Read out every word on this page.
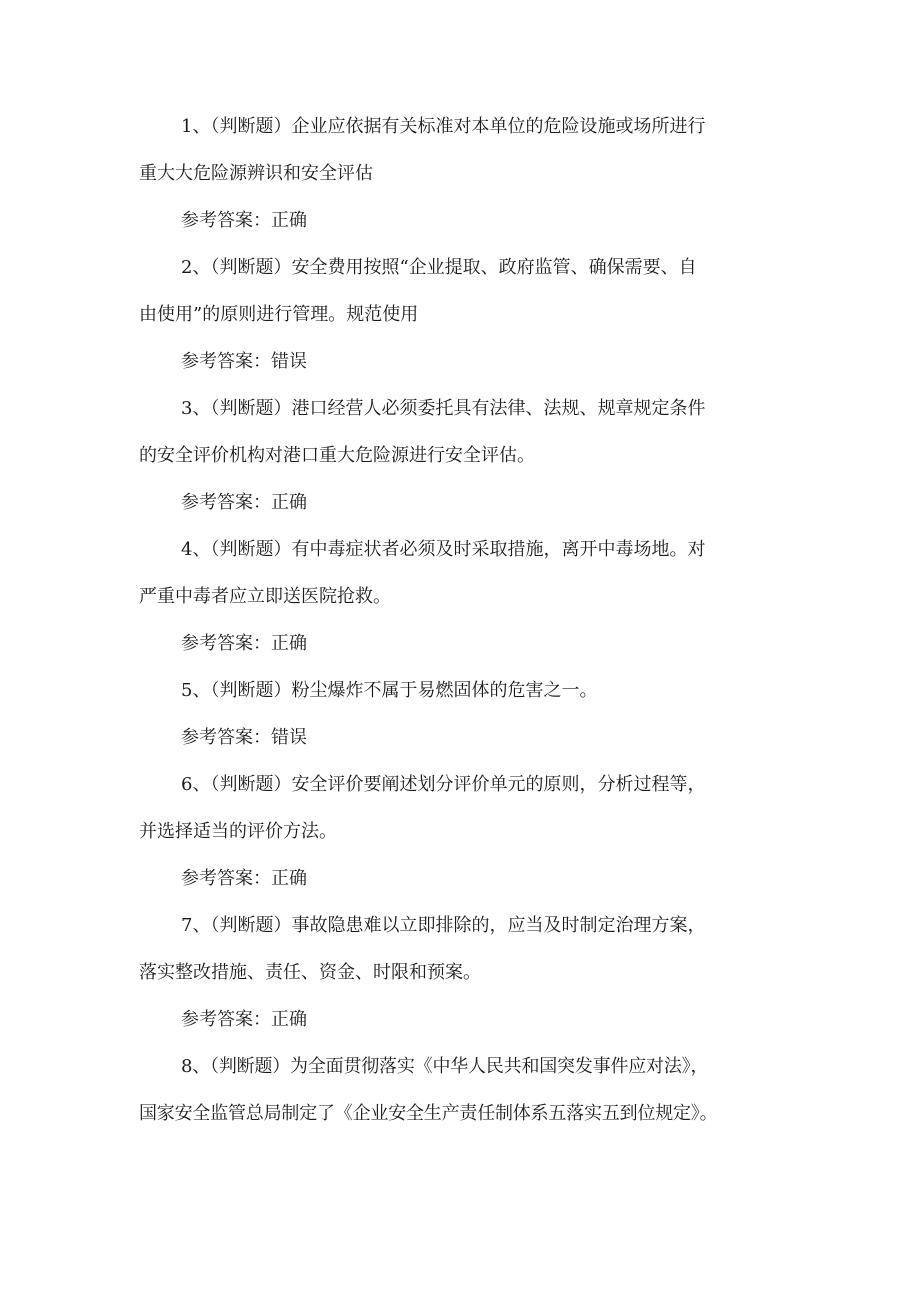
1、（判断题）企业应依据有关标准对本单位的危险设施或场所进行
重大大危险源辨识和安全评估
参考答案：正确
2、（判断题）安全费用按照“企业提取、政府监管、确保需要、自
由使用”的原则进行管理。规范使用
参考答案：错误
3、（判断题）港口经营人必须委托具有法律、法规、规章规定条件
的安全评价机构对港口重大危险源进行安全评估。
参考答案：正确
4、（判断题）有中毒症状者必须及时采取措施，离开中毒场地。对
严重中毒者应立即送医院抢救。
参考答案：正确
5、（判断题）粉尘爆炸不属于易燃固体的危害之一。
参考答案：错误
6、（判断题）安全评价要阐述划分评价单元的原则，分析过程等，
并选择适当的评价方法。
参考答案：正确
7、（判断题）事故隐患难以立即排除的，应当及时制定治理方案，
落实整改措施、责任、资金、时限和预案。
参考答案：正确
8、（判断题）为全面贯彻落实《中华人民共和国突发事件应对法》，
国家安全监管总局制定了《企业安全生产责任制体系五落实五到位规定》。
